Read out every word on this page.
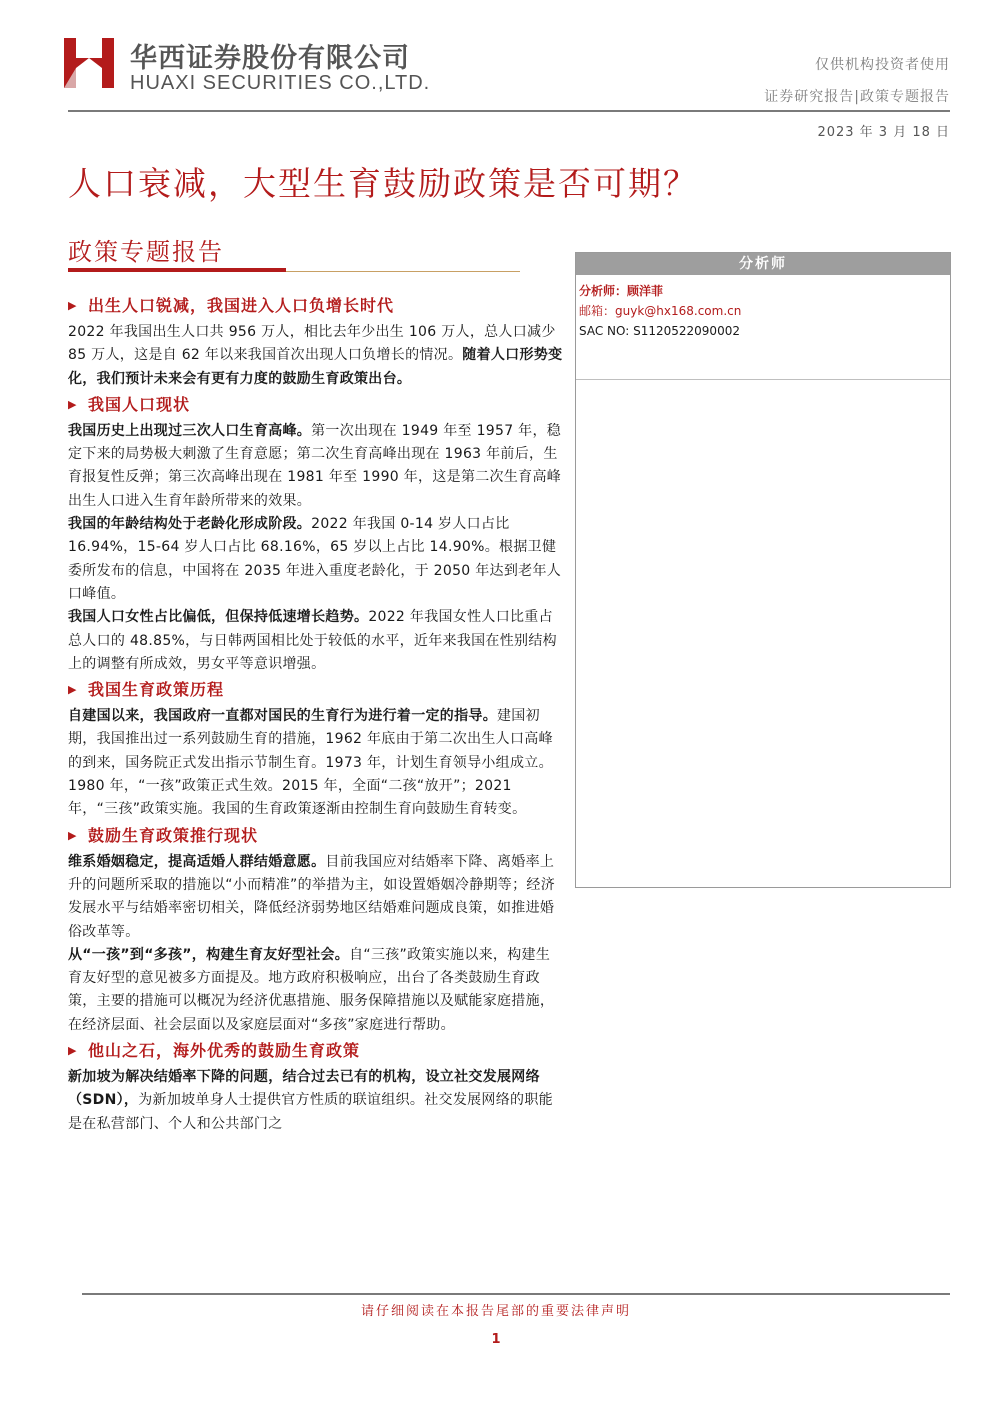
华西证券股份有限公司
HUAXI SECURITIES CO.,LTD.
仅供机构投资者使用
证券研究报告|政策专题报告
2023 年 3 月 18 日
人口衰减，大型生育鼓励政策是否可期？
政策专题报告
▶ 出生人口锐减，我国进入人口负增长时代

2022 年我国出生人口共 956 万人，相比去年少出生 106 万人，总人口减少 85 万人，这是自 62 年以来我国首次出现人口负增长的情况。随着人口形势变化，我们预计未来会有更有力度的鼓励生育政策出台。

▶ 我国人口现状

我国历史上出现过三次人口生育高峰。第一次出现在 1949 年至 1957 年，稳定下来的局势极大刺激了生育意愿；第二次生育高峰出现在 1963 年前后，生育报复性反弹；第三次高峰出现在 1981 年至 1990 年，这是第二次生育高峰出生人口进入生育年龄所带来的效果。

我国的年龄结构处于老龄化形成阶段。2022 年我国 0-14 岁人口占比 16.94%，15-64 岁人口占比 68.16%，65 岁以上占比 14.90%。根据卫健委所发布的信息，中国将在 2035 年进入重度老龄化，于 2050 年达到老年人口峰值。

我国人口女性占比偏低，但保持低速增长趋势。2022 年我国女性人口比重占总人口的 48.85%，与日韩两国相比处于较低的水平，近年来我国在性别结构上的调整有所成效，男女平等意识增强。

▶ 我国生育政策历程

自建国以来，我国政府一直都对国民的生育行为进行着一定的指导。建国初期，我国推出过一系列鼓励生育的措施，1962 年底由于第二次出生人口高峰的到来，国务院正式发出指示节制生育。1973 年，计划生育领导小组成立。1980 年，“一孩”政策正式生效。2015 年，全面“二孩“放开”；2021 年，“三孩”政策实施。我国的生育政策逐渐由控制生育向鼓励生育转变。

▶ 鼓励生育政策推行现状

维系婚姻稳定，提高适婚人群结婚意愿。目前我国应对结婚率下降、离婚率上升的问题所采取的措施以“小而精准”的举措为主，如设置婚姻冷静期等；经济发展水平与结婚率密切相关，降低经济弱势地区结婚难问题成良策，如推进婚俗改革等。

从“一孩”到“多孩”，构建生育友好型社会。自“三孩”政策实施以来，构建生育友好型的意见被多方面提及。地方政府积极响应，出台了各类鼓励生育政策，主要的措施可以概况为经济优惠措施、服务保障措施以及赋能家庭措施，在经济层面、社会层面以及家庭层面对“多孩”家庭进行帮助。

▶ 他山之石，海外优秀的鼓励生育政策

新加坡为解决结婚率下降的问题，结合过去已有的机构，设立社交发展网络（SDN），为新加坡单身人士提供官方性质的联谊组织。社交发展网络的职能是在私营部门、个人和公共部门之

分析师
分析师：顾洋菲
邮箱：guyk@hx168.com.cn
SAC NO: S1120522090002
请仔细阅读在本报告尾部的重要法律声明
1
